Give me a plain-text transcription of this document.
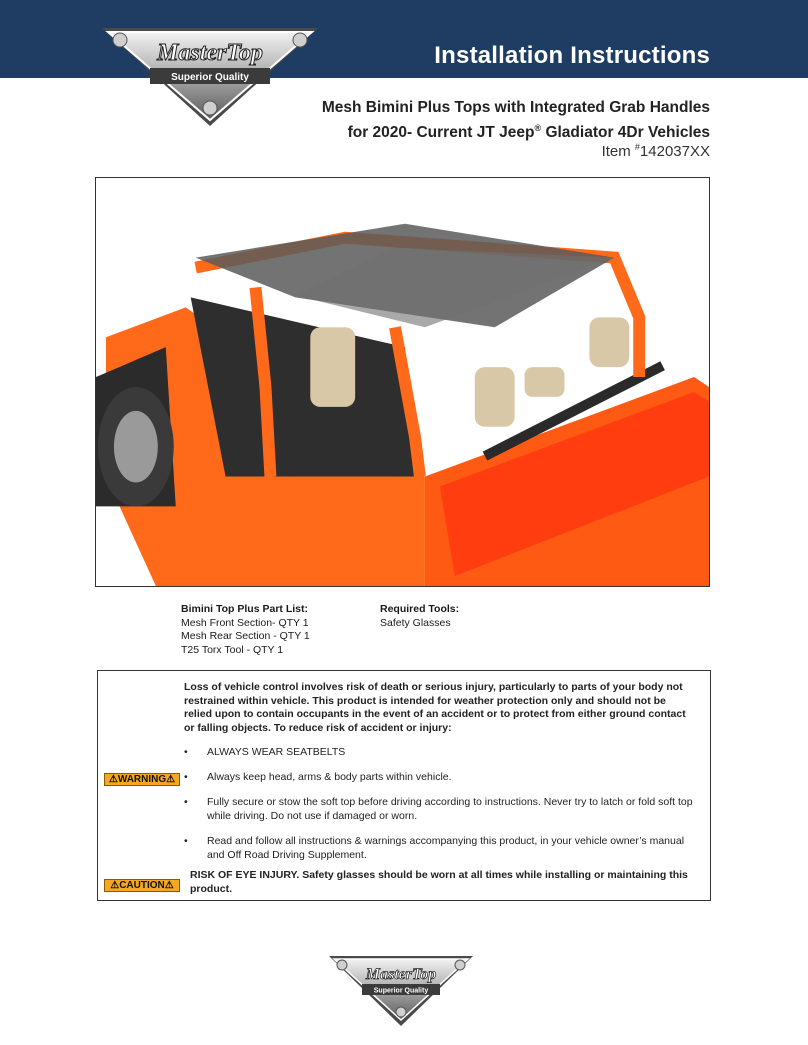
Installation Instructions
MasterTop
Superior Quality
Mesh Bimini Plus Tops with Integrated Grab Handles
for 2020- Current JT Jeep® Gladiator 4Dr Vehicles
Item #142037XX
Bimini Top Plus Part List:
Mesh Front Section- QTY 1
Mesh Rear Section - QTY 1
T25 Torx Tool - QTY 1
Required Tools:
Safety Glasses
Loss of vehicle control involves risk of death or serious injury, particularly to parts of your body not restrained within vehicle. This product is intended for weather protection only and should not be relied upon to contain occupants in the event of an accident or to protect from either ground contact or falling objects. To reduce risk of accident or injury:
• ALWAYS WEAR SEATBELTS
⚠WARNING⚠ • Always keep head, arms & body parts within vehicle.
• Fully secure or stow the soft top before driving according to instructions. Never try to latch or fold soft top while driving. Do not use if damaged or worn.
• Read and follow all instructions & warnings accompanying this product, in your vehicle owner’s manual and Off Road Driving Supplement.
⚠CAUTION⚠
RISK OF EYE INJURY. Safety glasses should be worn at all times while installing or maintaining this product.
MasterTop
Superior Quality
